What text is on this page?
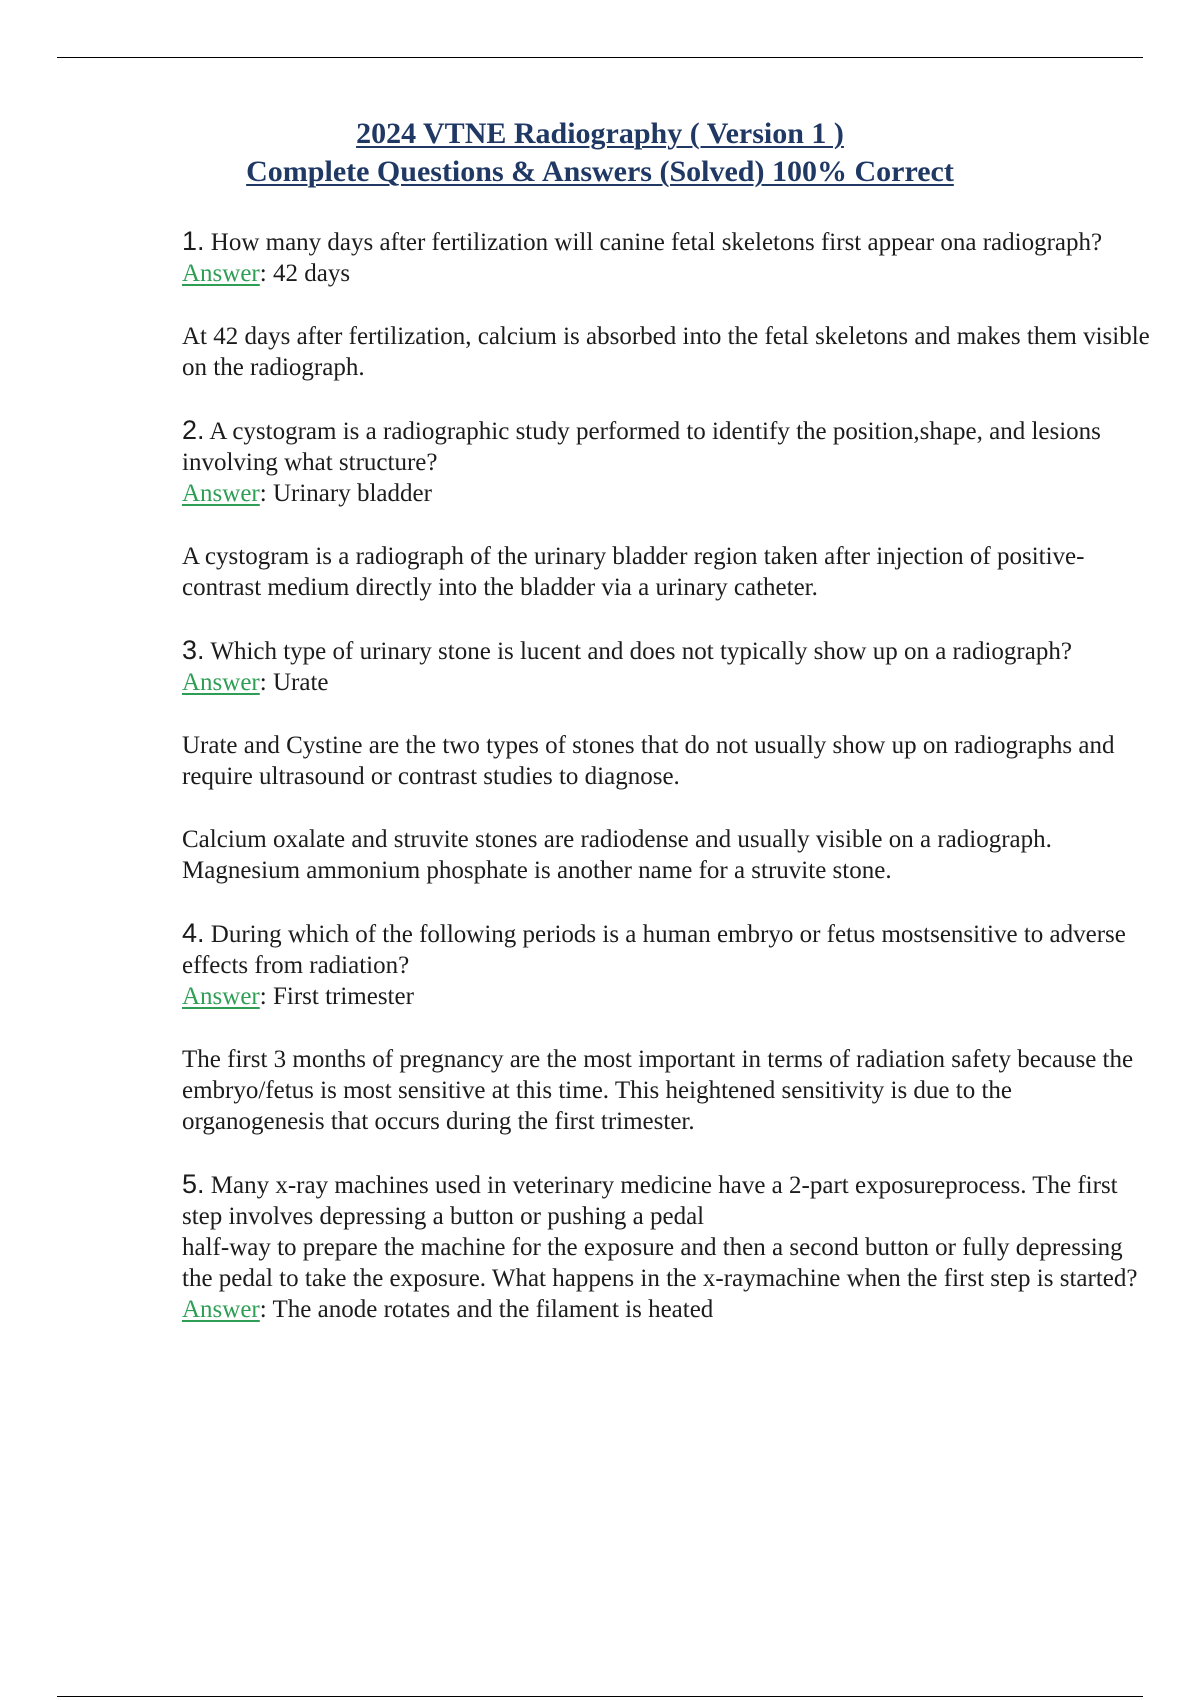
2024 VTNE Radiography ( Version 1 )
Complete Questions & Answers (Solved) 100% Correct

1. How many days after fertilization will canine fetal skeletons first appear ona radiograph?

Answer: 42 days

At 42 days after fertilization, calcium is absorbed into the fetal skeletons and makes them visible on the radiograph.

2. A cystogram is a radiographic study performed to identify the position,shape, and lesions involving what structure?

Answer: Urinary bladder

A cystogram is a radiograph of the urinary bladder region taken after injection of positive-contrast medium directly into the bladder via a urinary catheter.

3. Which type of urinary stone is lucent and does not typically show up on a radiograph?

Answer: Urate

Urate and Cystine are the two types of stones that do not usually show up on radiographs and require ultrasound or contrast studies to diagnose.

Calcium oxalate and struvite stones are radiodense and usually visible on a radiograph. Magnesium ammonium phosphate is another name for a struvite stone.

4. During which of the following periods is a human embryo or fetus mostsensitive to adverse effects from radiation?

Answer: First trimester

The first 3 months of pregnancy are the most important in terms of radiation safety because the embryo/fetus is most sensitive at this time. This heightened sensitivity is due to the organogenesis that occurs during the first trimester.

5. Many x-ray machines used in veterinary medicine have a 2-part exposureprocess. The first step involves depressing a button or pushing a pedal

half-way to prepare the machine for the exposure and then a second button or fully depressing the pedal to take the exposure. What happens in the x-raymachine when the first step is started?

Answer: The anode rotates and the filament is heated
